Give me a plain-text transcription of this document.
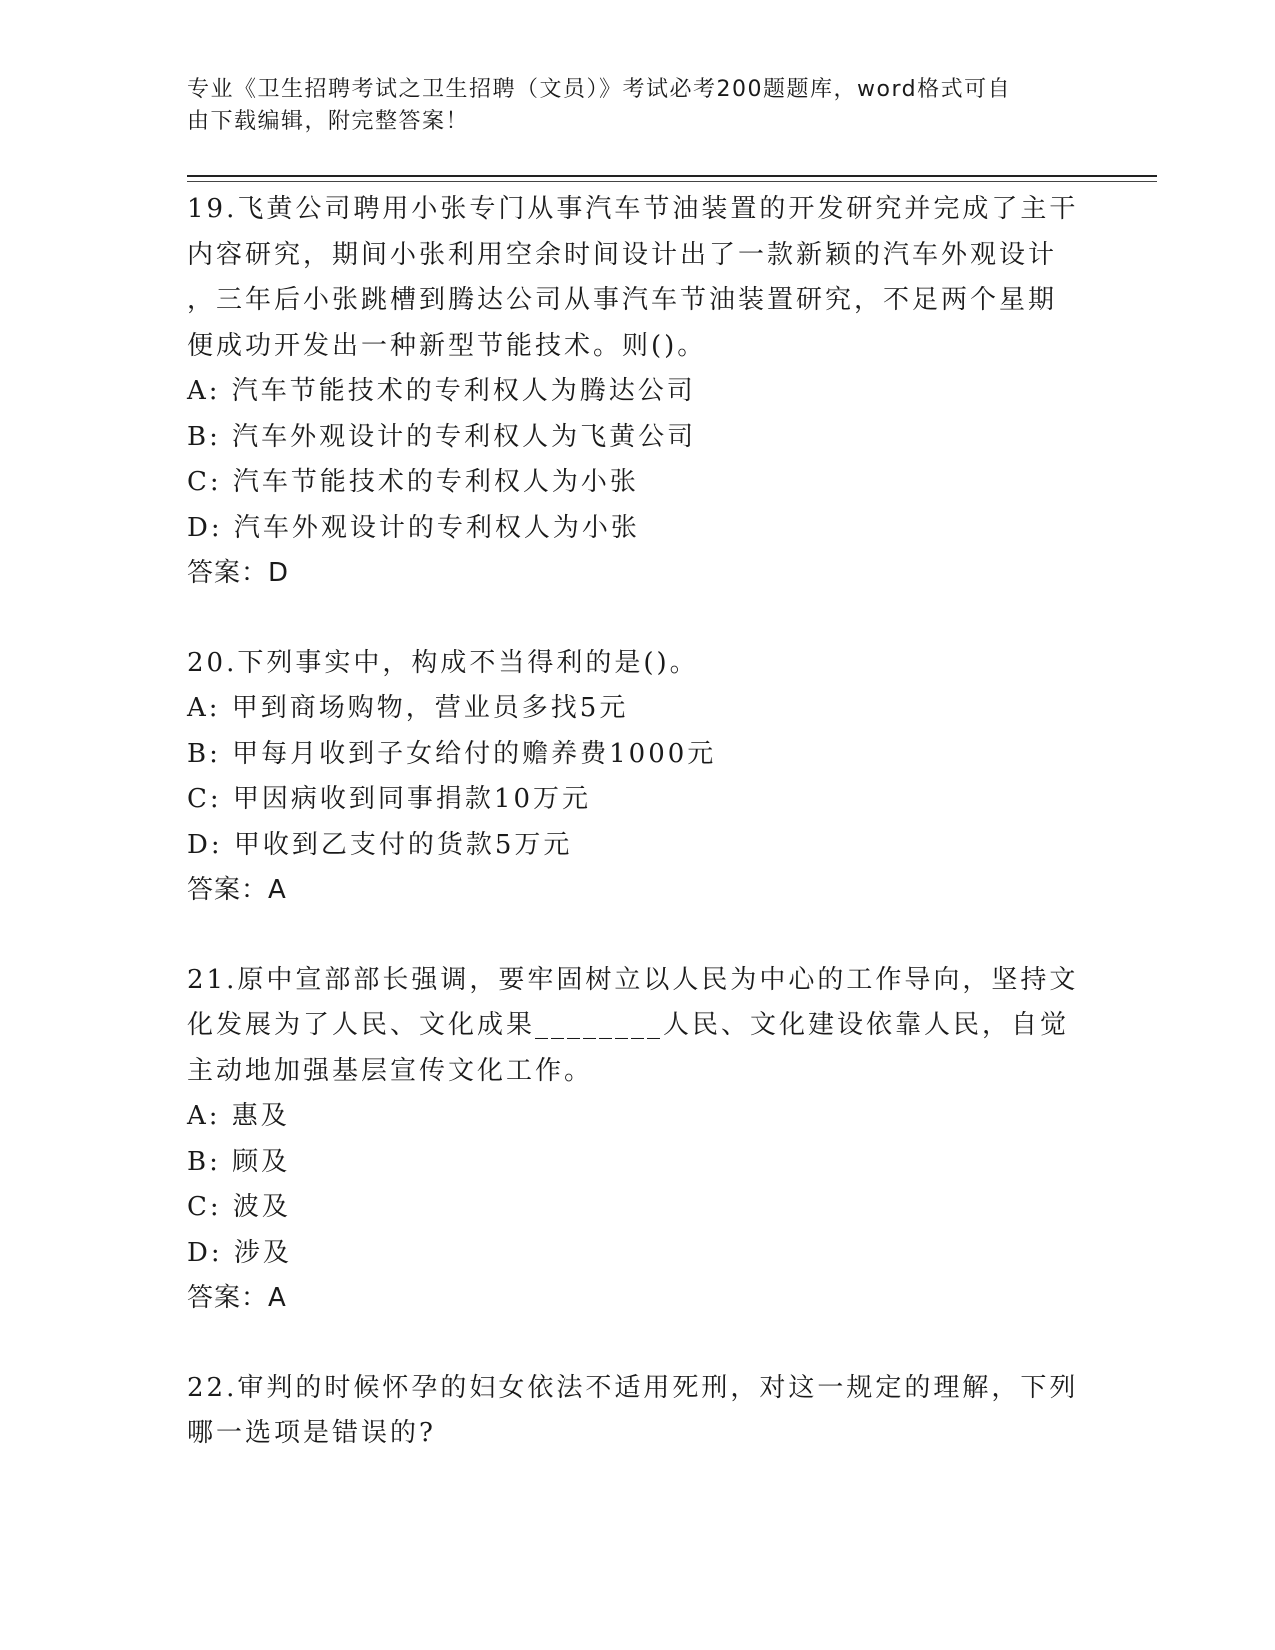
专业《卫生招聘考试之卫生招聘（文员）》考试必考200题题库，word格式可自
由下载编辑，附完整答案！
19.飞黄公司聘用小张专门从事汽车节油装置的开发研究并完成了主干
内容研究，期间小张利用空余时间设计出了一款新颖的汽车外观设计
，三年后小张跳槽到腾达公司从事汽车节油装置研究，不足两个星期
便成功开发出一种新型节能技术。则()。
A: 汽车节能技术的专利权人为腾达公司
B: 汽车外观设计的专利权人为飞黄公司
C: 汽车节能技术的专利权人为小张
D: 汽车外观设计的专利权人为小张
答案：D
20.下列事实中，构成不当得利的是()。
A: 甲到商场购物，营业员多找5元
B: 甲每月收到子女给付的赡养费1000元
C: 甲因病收到同事捐款10万元
D: 甲收到乙支付的货款5万元
答案：A
21.原中宣部部长强调，要牢固树立以人民为中心的工作导向，坚持文
化发展为了人民、文化成果________人民、文化建设依靠人民，自觉
主动地加强基层宣传文化工作。
A: 惠及
B: 顾及
C: 波及
D: 涉及
答案：A
22.审判的时候怀孕的妇女依法不适用死刑，对这一规定的理解，下列
哪一选项是错误的?
